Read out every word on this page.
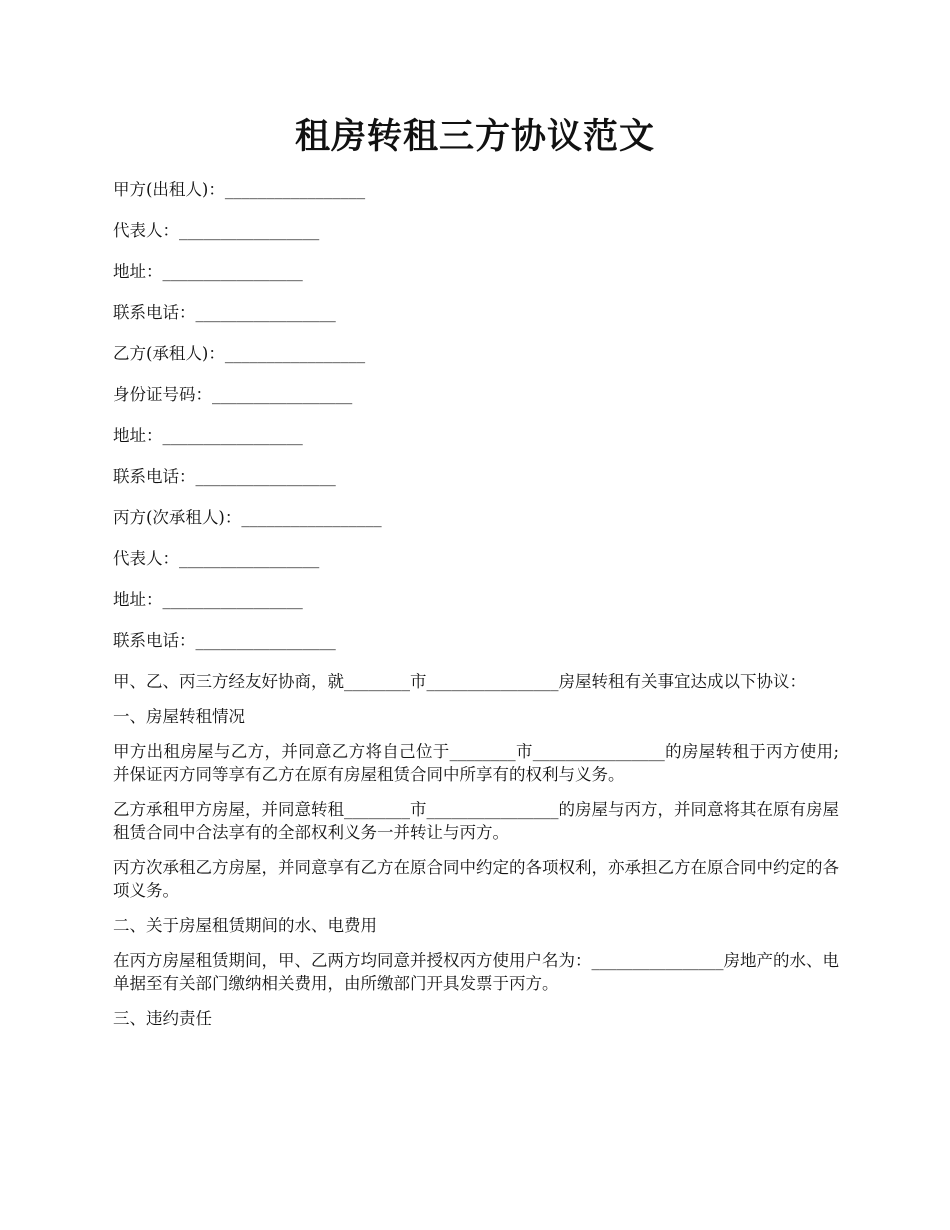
租房转租三方协议范文

甲方(出租人)：_________________

代表人：_________________

地址：_________________

联系电话：_________________

乙方(承租人)：_________________

身份证号码：_________________

地址：_________________

联系电话：_________________

丙方(次承租人)：_________________

代表人：_________________

地址：_________________

联系电话：_________________

甲、乙、丙三方经友好协商，就________市________________房屋转租有关事宜达成以下协议：

一、房屋转租情况

甲方出租房屋与乙方，并同意乙方将自己位于________市________________的房屋转租于丙方使用;并保证丙方同等享有乙方在原有房屋租赁合同中所享有的权利与义务。

乙方承租甲方房屋，并同意转租________市________________的房屋与丙方，并同意将其在原有房屋租赁合同中合法享有的全部权利义务一并转让与丙方。

丙方次承租乙方房屋，并同意享有乙方在原合同中约定的各项权利，亦承担乙方在原合同中约定的各项义务。

二、关于房屋租赁期间的水、电费用

在丙方房屋租赁期间，甲、乙两方均同意并授权丙方使用户名为：________________房地产的水、电单据至有关部门缴纳相关费用，由所缴部门开具发票于丙方。

三、违约责任
